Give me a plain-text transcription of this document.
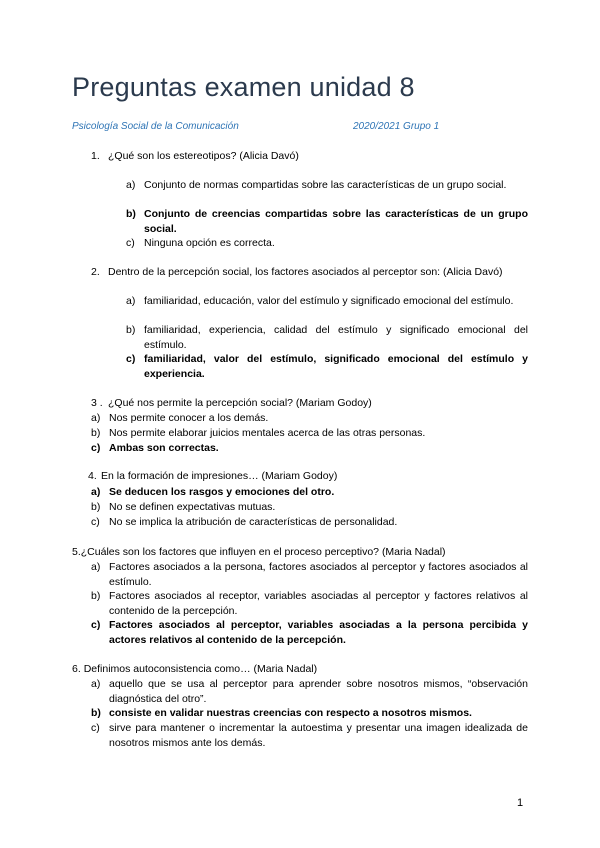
Preguntas examen unidad 8
Psicología Social de la Comunicación	2020/2021 Grupo 1
1. ¿Qué son los estereotipos? (Alicia Davó)
a) Conjunto de normas compartidas sobre las características de un grupo social.
b) Conjunto de creencias compartidas sobre las características de un grupo social.
c) Ninguna opción es correcta.
2. Dentro de la percepción social, los factores asociados al perceptor son: (Alicia Davó)
a) familiaridad, educación, valor del estímulo y significado emocional del estímulo.
b) familiaridad, experiencia, calidad del estímulo y significado emocional del estímulo.
c) familiaridad, valor del estímulo, significado emocional del estímulo y experiencia.
3 . ¿Qué nos permite la percepción social? (Mariam Godoy)
a) Nos permite conocer a los demás.
b) Nos permite elaborar juicios mentales acerca de las otras personas.
c) Ambas son correctas.
4. En la formación de impresiones… (Mariam Godoy)
a) Se deducen los rasgos y emociones del otro.
b) No se definen expectativas mutuas.
c) No se implica la atribución de características de personalidad.
5.¿Cuáles son los factores que influyen en el proceso perceptivo? (Maria Nadal)
a) Factores asociados a la persona, factores asociados al perceptor y factores asociados al estímulo.
b) Factores asociados al receptor, variables asociadas al perceptor y factores relativos al contenido de la percepción.
c) Factores asociados al perceptor, variables asociadas a la persona percibida y actores relativos al contenido de la percepción.
6. Definimos autoconsistencia como… (Maria Nadal)
a) aquello que se usa al perceptor para aprender sobre nosotros mismos, “observación diagnóstica del otro”.
b) consiste en validar nuestras creencias con respecto a nosotros mismos.
c) sirve para mantener o incrementar la autoestima y presentar una imagen idealizada de nosotros mismos ante los demás.
1
